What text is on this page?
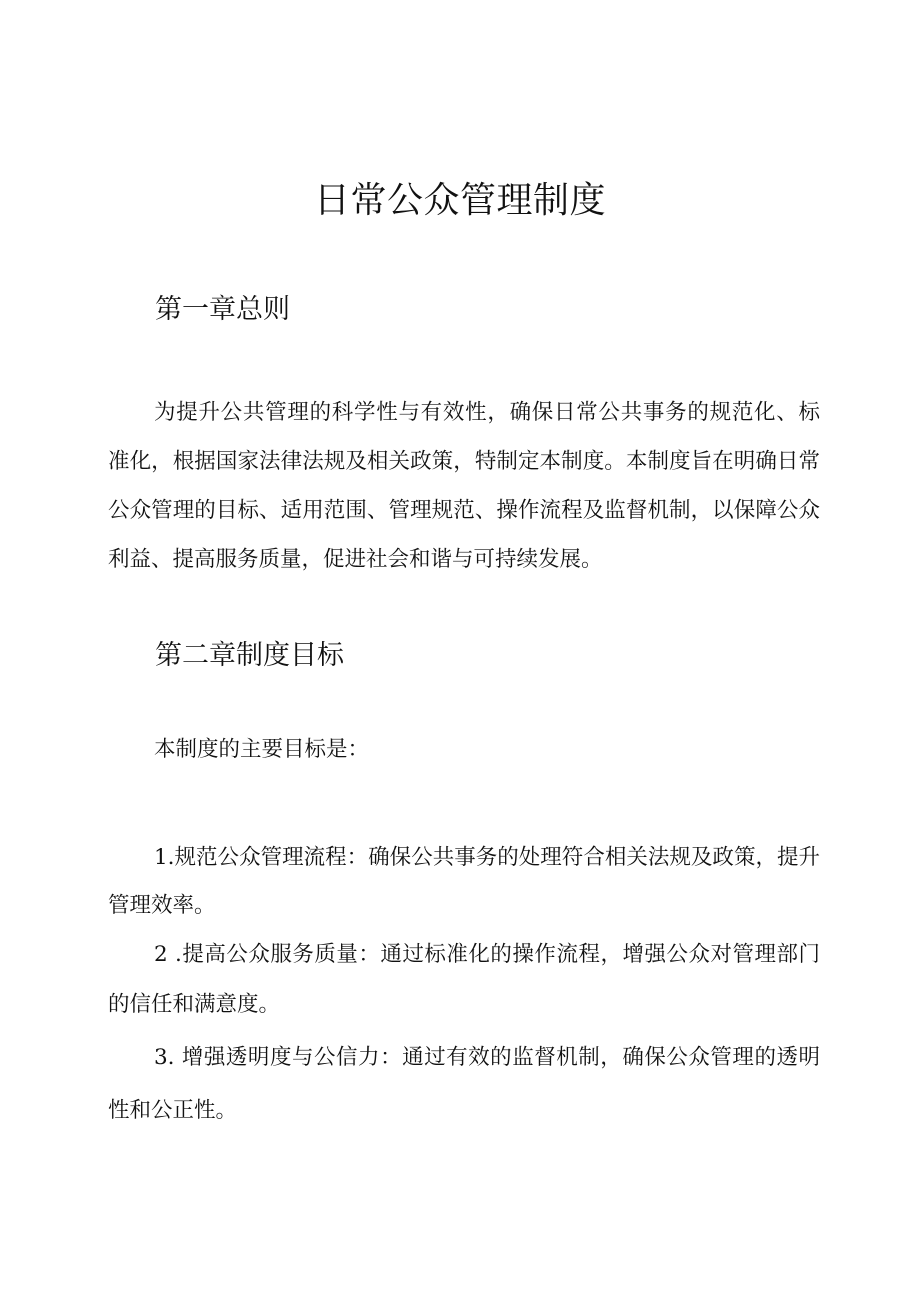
日常公众管理制度
第一章总则

为提升公共管理的科学性与有效性，确保日常公共事务的规范化、标准化，根据国家法律法规及相关政策，特制定本制度。本制度旨在明确日常公众管理的目标、适用范围、管理规范、操作流程及监督机制，以保障公众利益、提高服务质量，促进社会和谐与可持续发展。

第二章制度目标

本制度的主要目标是：

1.规范公众管理流程：确保公共事务的处理符合相关法规及政策，提升管理效率。

2 .提高公众服务质量：通过标准化的操作流程，增强公众对管理部门的信任和满意度。

3. 增强透明度与公信力：通过有效的监督机制，确保公众管理的透明性和公正性。
